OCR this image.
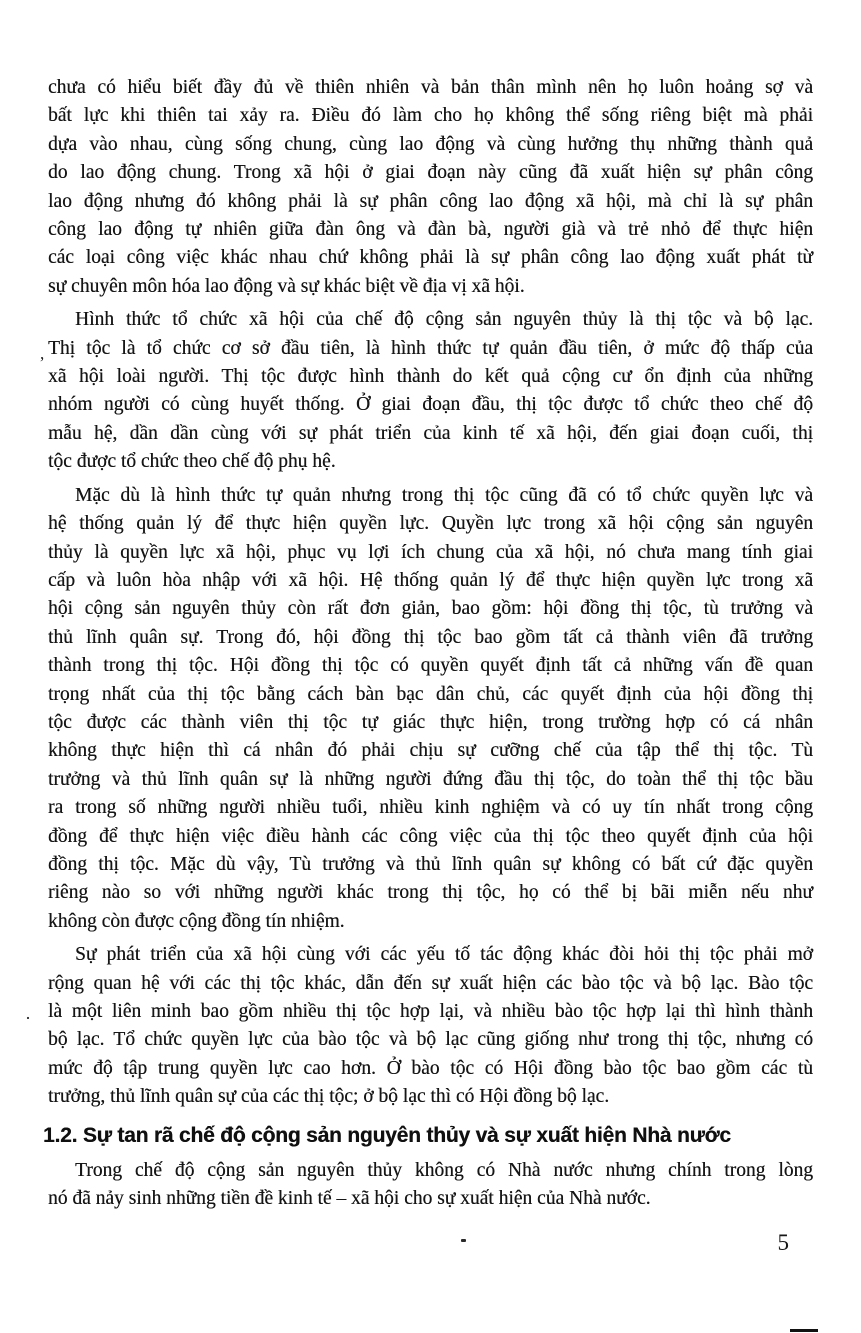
chưa có hiểu biết đầy đủ về thiên nhiên và bản thân mình nên họ luôn hoảng sợ và
bất lực khi thiên tai xảy ra. Điều đó làm cho họ không thể sống riêng biệt mà phải
dựa vào nhau, cùng sống chung, cùng lao động và cùng hưởng thụ những thành quả
do lao động chung. Trong xã hội ở giai đoạn này cũng đã xuất hiện sự phân công
lao động nhưng đó không phải là sự phân công lao động xã hội, mà chỉ là sự phân
công lao động tự nhiên giữa đàn ông và đàn bà, người già và trẻ nhỏ để thực hiện
các loại công việc khác nhau chứ không phải là sự phân công lao động xuất phát từ
sự chuyên môn hóa lao động và sự khác biệt về địa vị xã hội.
Hình thức tổ chức xã hội của chế độ cộng sản nguyên thủy là thị tộc và bộ lạc.
Thị tộc là tổ chức cơ sở đầu tiên, là hình thức tự quản đầu tiên, ở mức độ thấp của
xã hội loài người. Thị tộc được hình thành do kết quả cộng cư ổn định của những
nhóm người có cùng huyết thống. Ở giai đoạn đầu, thị tộc được tổ chức theo chế độ
mẫu hệ, dần dần cùng với sự phát triển của kinh tế xã hội, đến giai đoạn cuối, thị
tộc được tổ chức theo chế độ phụ hệ.
Mặc dù là hình thức tự quản nhưng trong thị tộc cũng đã có tổ chức quyền lực và
hệ thống quản lý để thực hiện quyền lực. Quyền lực trong xã hội cộng sản nguyên
thủy là quyền lực xã hội, phục vụ lợi ích chung của xã hội, nó chưa mang tính giai
cấp và luôn hòa nhập với xã hội. Hệ thống quản lý để thực hiện quyền lực trong xã
hội cộng sản nguyên thủy còn rất đơn giản, bao gồm: hội đồng thị tộc, tù trưởng và
thủ lĩnh quân sự. Trong đó, hội đồng thị tộc bao gồm tất cả thành viên đã trưởng
thành trong thị tộc. Hội đồng thị tộc có quyền quyết định tất cả những vấn đề quan
trọng nhất của thị tộc bằng cách bàn bạc dân chủ, các quyết định của hội đồng thị
tộc được các thành viên thị tộc tự giác thực hiện, trong trường hợp có cá nhân
không thực hiện thì cá nhân đó phải chịu sự cưỡng chế của tập thể thị tộc. Tù
trưởng và thủ lĩnh quân sự là những người đứng đầu thị tộc, do toàn thể thị tộc bầu
ra trong số những người nhiều tuổi, nhiều kinh nghiệm và có uy tín nhất trong cộng
đồng để thực hiện việc điều hành các công việc của thị tộc theo quyết định của hội
đồng thị tộc. Mặc dù vậy, Tù trưởng và thủ lĩnh quân sự không có bất cứ đặc quyền
riêng nào so với những người khác trong thị tộc, họ có thể bị bãi miễn nếu như
không còn được cộng đồng tín nhiệm.
Sự phát triển của xã hội cùng với các yếu tố tác động khác đòi hỏi thị tộc phải mở
rộng quan hệ với các thị tộc khác, dẫn đến sự xuất hiện các bào tộc và bộ lạc. Bào tộc
là một liên minh bao gồm nhiều thị tộc hợp lại, và nhiều bào tộc hợp lại thì hình thành
bộ lạc. Tổ chức quyền lực của bào tộc và bộ lạc cũng giống như trong thị tộc, nhưng có
mức độ tập trung quyền lực cao hơn. Ở bào tộc có Hội đồng bào tộc bao gồm các tù
trưởng, thủ lĩnh quân sự của các thị tộc; ở bộ lạc thì có Hội đồng bộ lạc.
1.2. Sự tan rã chế độ cộng sản nguyên thủy và sự xuất hiện Nhà nước
Trong chế độ cộng sản nguyên thủy không có Nhà nước nhưng chính trong lòng
nó đã nảy sinh những tiền đề kinh tế – xã hội cho sự xuất hiện của Nhà nước.
5
,
·
